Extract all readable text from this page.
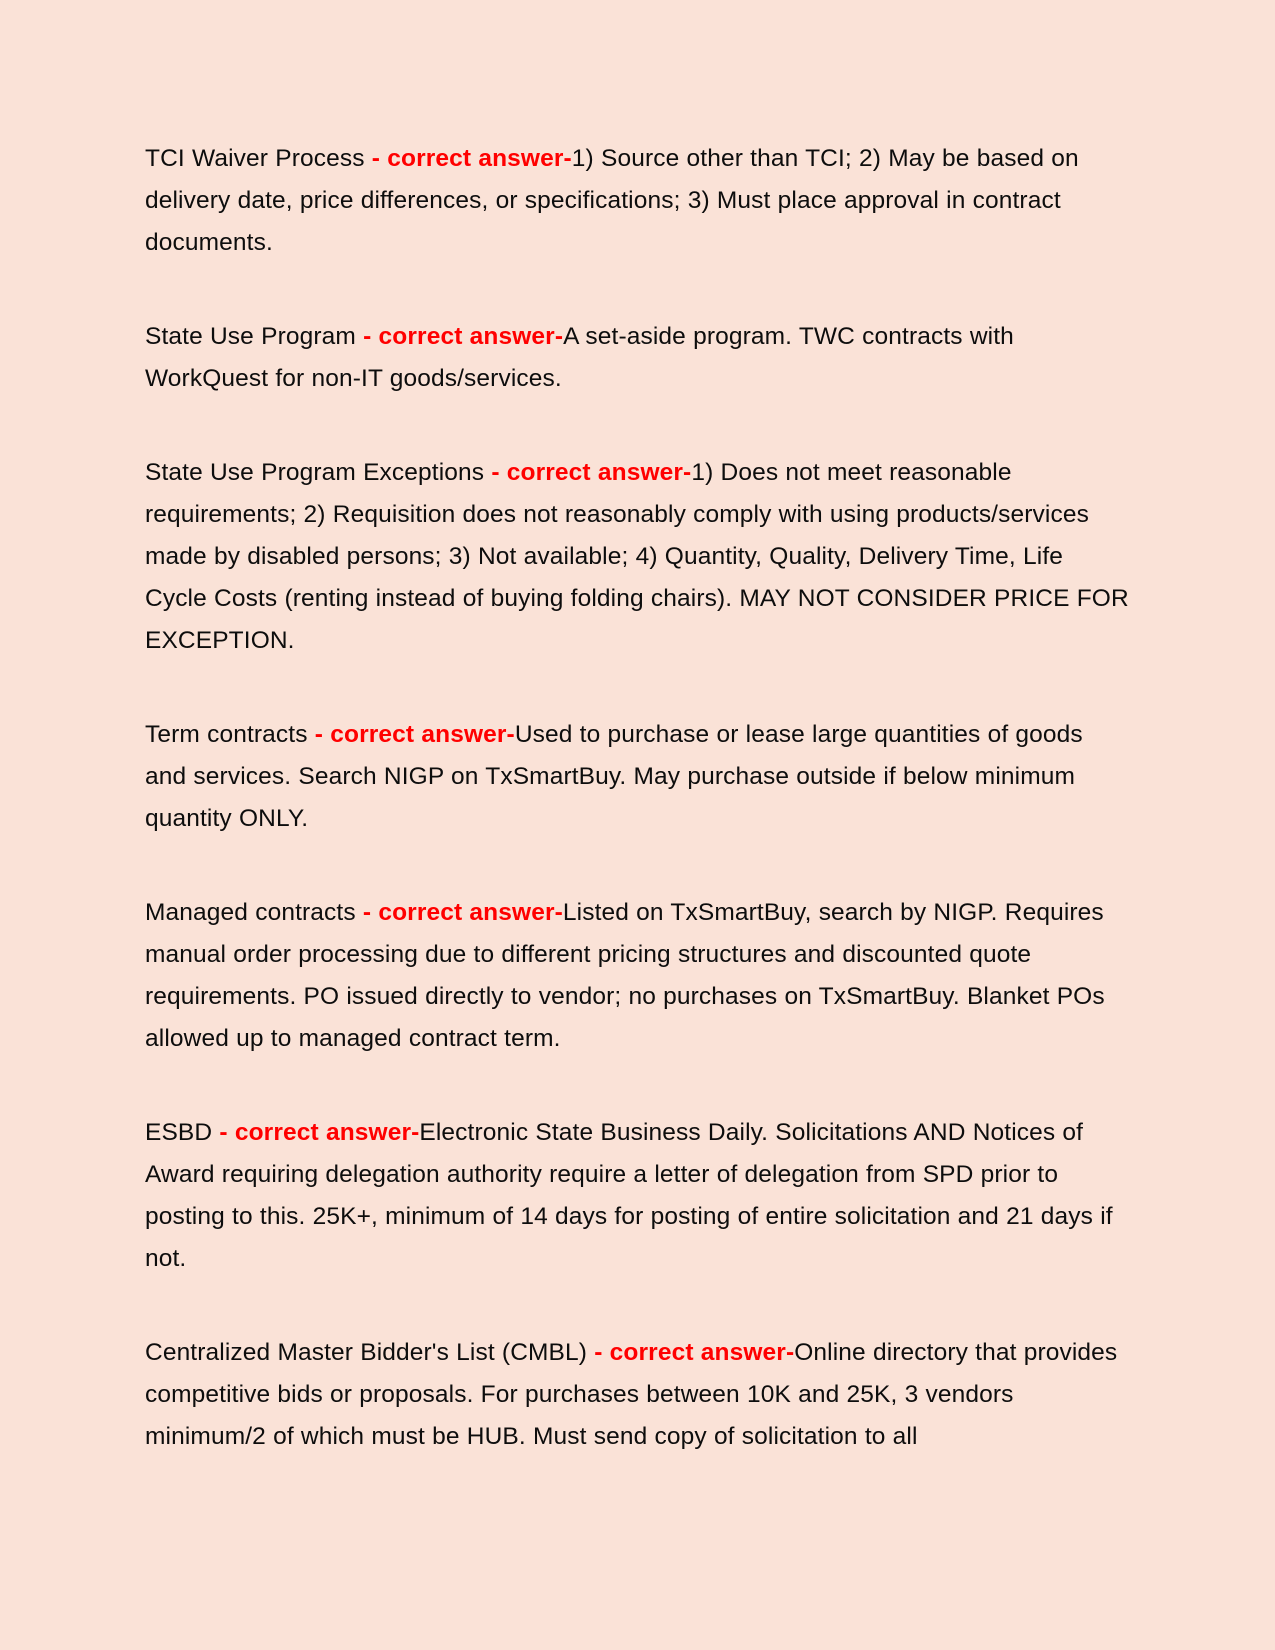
TCI Waiver Process - correct answer-1) Source other than TCI; 2) May be based on delivery date, price differences, or specifications; 3) Must place approval in contract documents.

State Use Program - correct answer-A set-aside program. TWC contracts with WorkQuest for non-IT goods/services.

State Use Program Exceptions - correct answer-1) Does not meet reasonable requirements; 2) Requisition does not reasonably comply with using products/services made by disabled persons; 3) Not available; 4) Quantity, Quality, Delivery Time, Life Cycle Costs (renting instead of buying folding chairs). MAY NOT CONSIDER PRICE FOR EXCEPTION.

Term contracts - correct answer-Used to purchase or lease large quantities of goods and services. Search NIGP on TxSmartBuy. May purchase outside if below minimum quantity ONLY.

Managed contracts - correct answer-Listed on TxSmartBuy, search by NIGP. Requires manual order processing due to different pricing structures and discounted quote requirements. PO issued directly to vendor; no purchases on TxSmartBuy. Blanket POs allowed up to managed contract term.

ESBD - correct answer-Electronic State Business Daily. Solicitations AND Notices of Award requiring delegation authority require a letter of delegation from SPD prior to posting to this. 25K+, minimum of 14 days for posting of entire solicitation and 21 days if not.

Centralized Master Bidder's List (CMBL) - correct answer-Online directory that provides competitive bids or proposals. For purchases between 10K and 25K, 3 vendors minimum/2 of which must be HUB. Must send copy of solicitation to all
